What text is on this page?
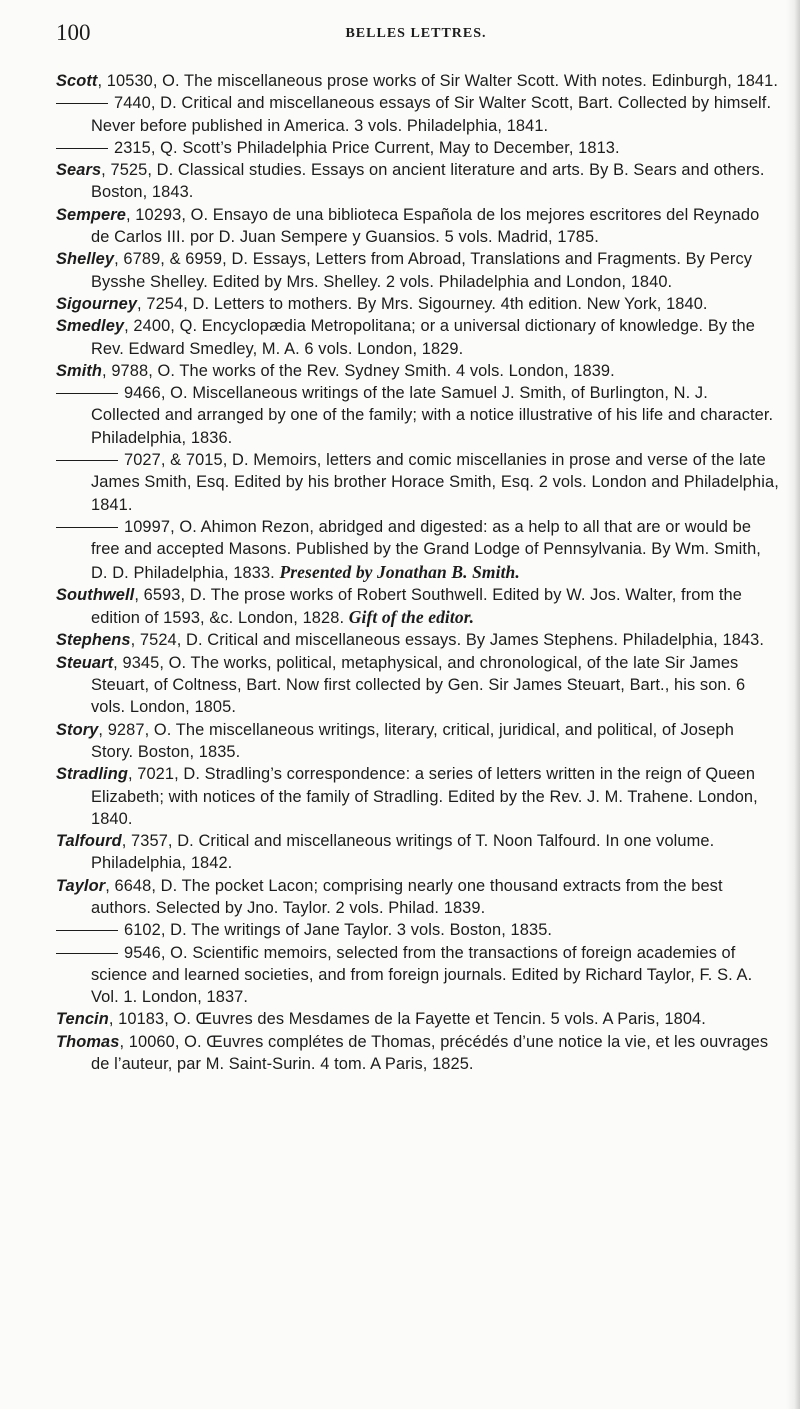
100	BELLES LETTRES.

Scott, 10530, O. The miscellaneous prose works of Sir Walter Scott. With notes. Edinburgh, 1841.

7440, D. Critical and miscellaneous essays of Sir Walter Scott, Bart. Collected by himself. Never before published in America. 3 vols. Philadelphia, 1841.

2315, Q. Scott’s Philadelphia Price Current, May to December, 1813.

Sears, 7525, D. Classical studies. Essays on ancient literature and arts. By B. Sears and others. Boston, 1843.

Sempere, 10293, O. Ensayo de una biblioteca Española de los mejores escritores del Reynado de Carlos III. por D. Juan Sempere y Guansios. 5 vols. Madrid, 1785.

Shelley, 6789, & 6959, D. Essays, Letters from Abroad, Translations and Fragments. By Percy Bysshe Shelley. Edited by Mrs. Shelley. 2 vols. Philadelphia and London, 1840.

Sigourney, 7254, D. Letters to mothers. By Mrs. Sigourney. 4th edition. New York, 1840.

Smedley, 2400, Q. Encyclopædia Metropolitana; or a universal dictionary of knowledge. By the Rev. Edward Smedley, M. A. 6 vols. London, 1829.

Smith, 9788, O. The works of the Rev. Sydney Smith. 4 vols. London, 1839.

9466, O. Miscellaneous writings of the late Samuel J. Smith, of Burlington, N. J. Collected and arranged by one of the family; with a notice illustrative of his life and character. Philadelphia, 1836.

7027, & 7015, D. Memoirs, letters and comic miscellanies in prose and verse of the late James Smith, Esq. Edited by his brother Horace Smith, Esq. 2 vols. London and Philadelphia, 1841.

10997, O. Ahimon Rezon, abridged and digested: as a help to all that are or would be free and accepted Masons. Published by the Grand Lodge of Pennsylvania. By Wm. Smith, D. D. Philadelphia, 1833. Presented by Jonathan B. Smith.

Southwell, 6593, D. The prose works of Robert Southwell. Edited by W. Jos. Walter, from the edition of 1593, &c. London, 1828. Gift of the editor.

Stephens, 7524, D. Critical and miscellaneous essays. By James Stephens. Philadelphia, 1843.

Steuart, 9345, O. The works, political, metaphysical, and chronological, of the late Sir James Steuart, of Coltness, Bart. Now first collected by Gen. Sir James Steuart, Bart., his son. 6 vols. London, 1805.

Story, 9287, O. The miscellaneous writings, literary, critical, juridical, and political, of Joseph Story. Boston, 1835.

Stradling, 7021, D. Stradling’s correspondence: a series of letters written in the reign of Queen Elizabeth; with notices of the family of Stradling. Edited by the Rev. J. M. Trahene. London, 1840.

Talfourd, 7357, D. Critical and miscellaneous writings of T. Noon Talfourd. In one volume. Philadelphia, 1842.

Taylor, 6648, D. The pocket Lacon; comprising nearly one thousand extracts from the best authors. Selected by Jno. Taylor. 2 vols. Philad. 1839.

6102, D. The writings of Jane Taylor. 3 vols. Boston, 1835.

9546, O. Scientific memoirs, selected from the transactions of foreign academies of science and learned societies, and from foreign journals. Edited by Richard Taylor, F. S. A. Vol. 1. London, 1837.

Tencin, 10183, O. Œuvres des Mesdames de la Fayette et Tencin. 5 vols. A Paris, 1804.

Thomas, 10060, O. Œuvres complétes de Thomas, précédés d’une notice la vie, et les ouvrages de l’auteur, par M. Saint-Surin. 4 tom. A Paris, 1825.
